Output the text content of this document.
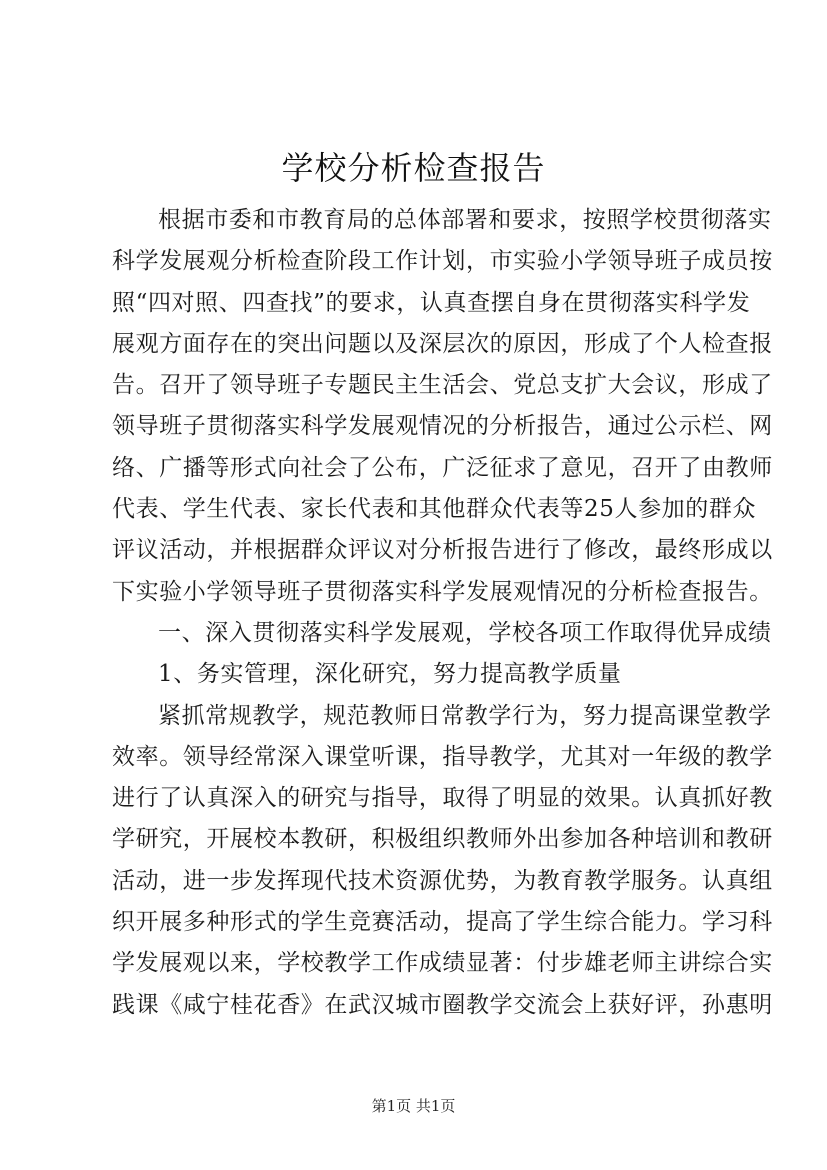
学校分析检查报告
根据市委和市教育局的总体部署和要求，按照学校贯彻落实
科学发展观分析检查阶段工作计划，市实验小学领导班子成员按
照“四对照、四查找”的要求，认真查摆自身在贯彻落实科学发
展观方面存在的突出问题以及深层次的原因，形成了个人检查报
告。召开了领导班子专题民主生活会、党总支扩大会议，形成了
领导班子贯彻落实科学发展观情况的分析报告，通过公示栏、网
络、广播等形式向社会了公布，广泛征求了意见，召开了由教师
代表、学生代表、家长代表和其他群众代表等25人参加的群众
评议活动，并根据群众评议对分析报告进行了修改，最终形成以
下实验小学领导班子贯彻落实科学发展观情况的分析检查报告。
一、深入贯彻落实科学发展观，学校各项工作取得优异成绩
1、务实管理，深化研究，努力提高教学质量
紧抓常规教学，规范教师日常教学行为，努力提高课堂教学
效率。领导经常深入课堂听课，指导教学，尤其对一年级的教学
进行了认真深入的研究与指导，取得了明显的效果。认真抓好教
学研究，开展校本教研，积极组织教师外出参加各种培训和教研
活动，进一步发挥现代技术资源优势，为教育教学服务。认真组
织开展多种形式的学生竞赛活动，提高了学生综合能力。学习科
学发展观以来，学校教学工作成绩显著：付步雄老师主讲综合实
践课《咸宁桂花香》在武汉城市圈教学交流会上获好评，孙惠明
第1页 共1页
